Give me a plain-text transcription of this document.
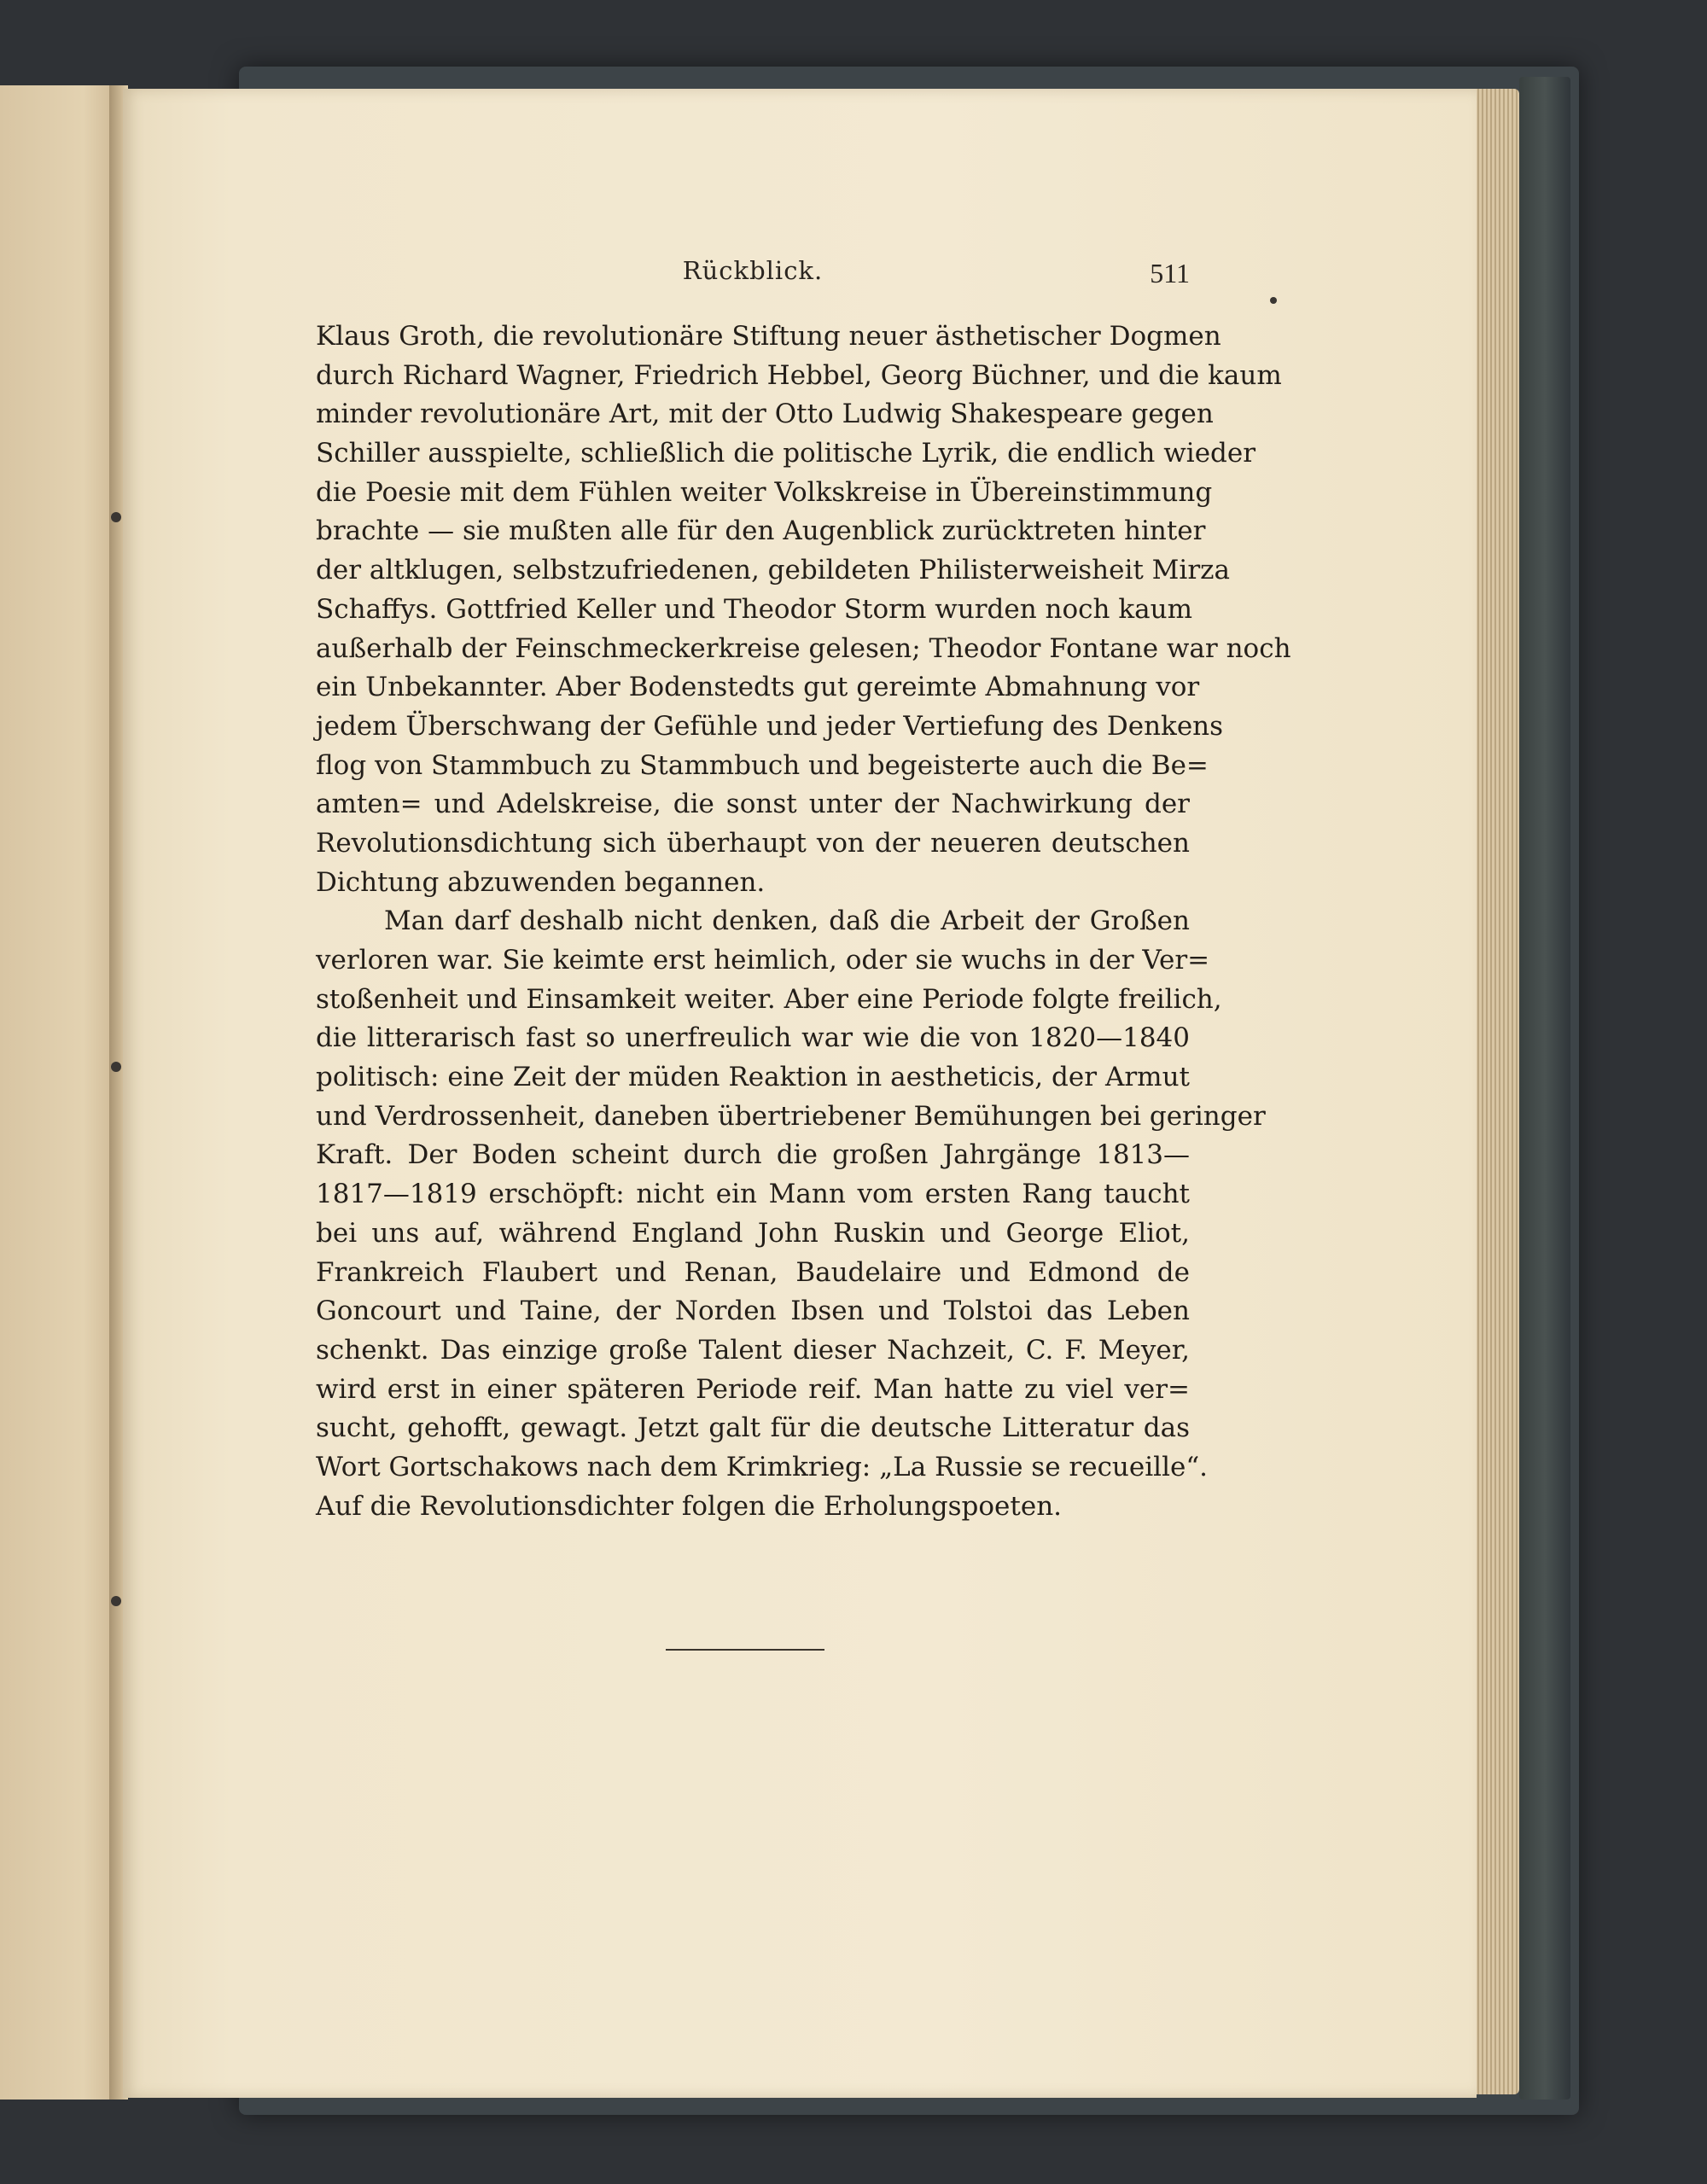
Rückblick.	511
Klaus Groth, die revolutionäre Stiftung neuer ästhetischer Dogmen
durch Richard Wagner, Friedrich Hebbel, Georg Büchner, und die kaum
minder revolutionäre Art, mit der Otto Ludwig Shakespeare gegen
Schiller ausspielte, schließlich die politische Lyrik, die endlich wieder
die Poesie mit dem Fühlen weiter Volkskreise in Übereinstimmung
brachte — sie mußten alle für den Augenblick zurücktreten hinter
der altklugen, selbstzufriedenen, gebildeten Philisterweisheit Mirza
Schaffys. Gottfried Keller und Theodor Storm wurden noch kaum
außerhalb der Feinschmeckerkreise gelesen; Theodor Fontane war noch
ein Unbekannter. Aber Bodenstedts gut gereimte Abmahnung vor
jedem Überschwang der Gefühle und jeder Vertiefung des Denkens
flog von Stammbuch zu Stammbuch und begeisterte auch die Be=
amten= und Adelskreise, die sonst unter der Nachwirkung der
Revolutionsdichtung sich überhaupt von der neueren deutschen
Dichtung abzuwenden begannen.
Man darf deshalb nicht denken, daß die Arbeit der Großen
verloren war. Sie keimte erst heimlich, oder sie wuchs in der Ver=
stoßenheit und Einsamkeit weiter. Aber eine Periode folgte freilich,
die litterarisch fast so unerfreulich war wie die von 1820—1840
politisch: eine Zeit der müden Reaktion in aestheticis, der Armut
und Verdrossenheit, daneben übertriebener Bemühungen bei geringer
Kraft. Der Boden scheint durch die großen Jahrgänge 1813—
1817—1819 erschöpft: nicht ein Mann vom ersten Rang taucht
bei uns auf, während England John Ruskin und George Eliot,
Frankreich Flaubert und Renan, Baudelaire und Edmond de
Goncourt und Taine, der Norden Ibsen und Tolstoi das Leben
schenkt. Das einzige große Talent dieser Nachzeit, C. F. Meyer,
wird erst in einer späteren Periode reif. Man hatte zu viel ver=
sucht, gehofft, gewagt. Jetzt galt für die deutsche Litteratur das
Wort Gortschakows nach dem Krimkrieg: „La Russie se recueille“.
Auf die Revolutionsdichter folgen die Erholungspoeten.
